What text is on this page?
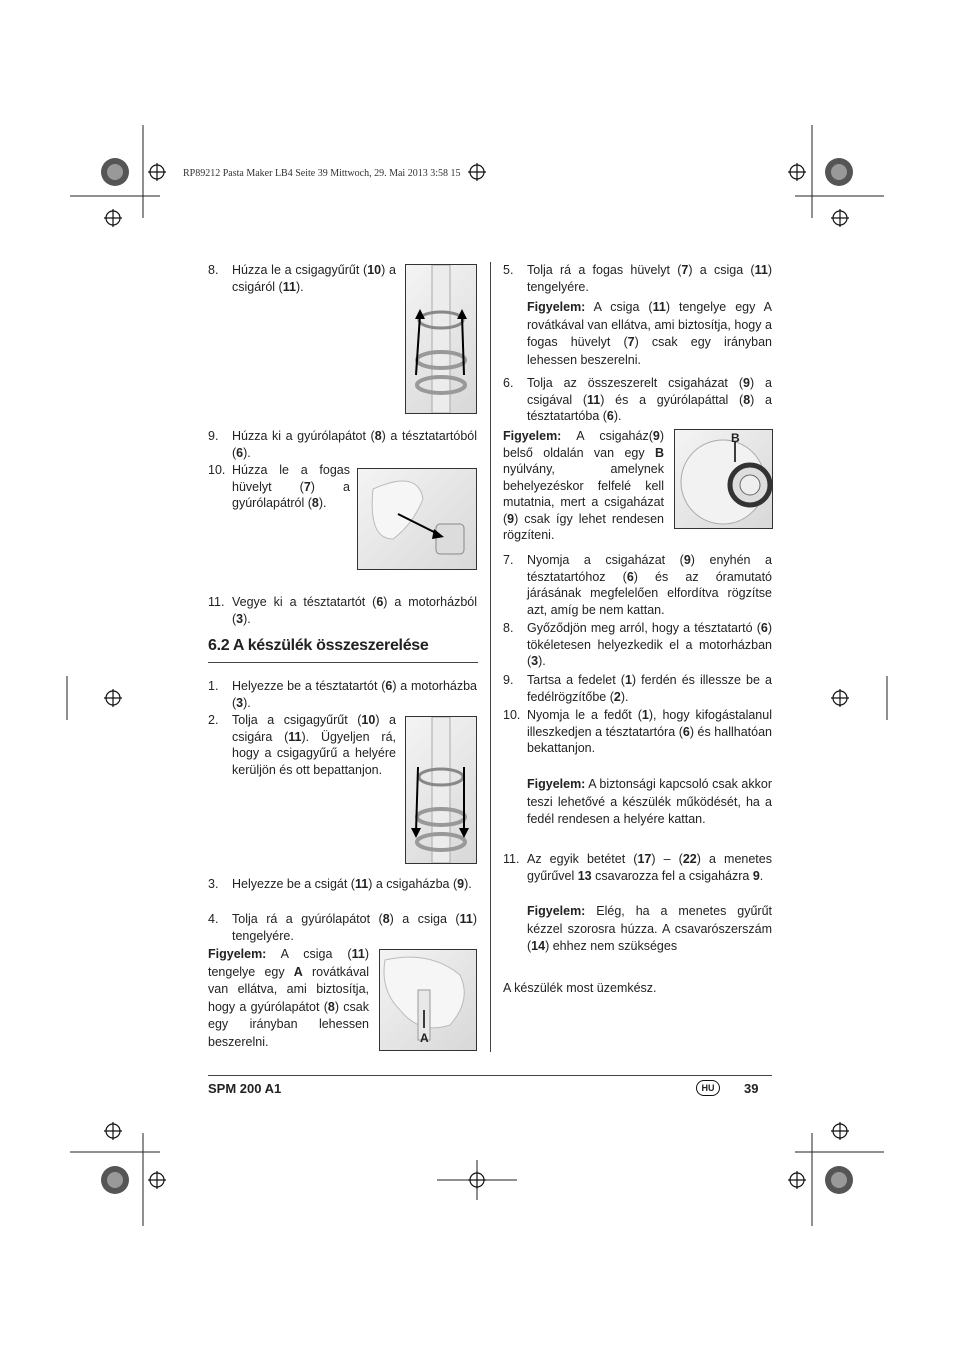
RP89212 Pasta Maker LB4 Seite 39 Mittwoch, 29. Mai 2013 3:58 15
8. Húzza le a csigagyűrűt (10) a csigáról (11).
9. Húzza ki a gyúrólapátot (8) a tésztatartóból (6).
10. Húzza le a fogas hüvelyt (7) a gyúrólapátról (8).
11. Vegye ki a tésztatartót (6) a motorházból (3).
6.2 A készülék összeszerelése
1. Helyezze be a tésztatartót (6) a motorházba (3).
2. Tolja a csigagyűrűt (10) a csigára (11). Ügyeljen rá, hogy a csigagyűrű a helyére kerüljön és ott bepattanjon.
3. Helyezze be a csigát (11) a csigaházba (9).
4. Tolja rá a gyúrólapátot (8) a csiga (11) tengelyére.
Figyelem: A csiga (11) tengelye egy A rovátkával van ellátva, ami biztosítja, hogy a gyúrólapátot (8) csak egy irányban lehessen beszerelni.	A
5. Tolja rá a fogas hüvelyt (7) a csiga (11) tengelyére.
Figyelem: A csiga (11) tengelye egy A rovátkával van ellátva, ami biztosítja, hogy a fogas hüvelyt (7) csak egy irányban lehessen beszerelni.
6. Tolja az összeszerelt csigaházat (9) a csigával (11) és a gyúrólapáttal (8) a tésztatartóba (6).
Figyelem: A csigaház(9) belső oldalán van egy B nyúlvány, amelynek behelyezéskor felfelé kell mutatnia, mert a csigaházat (9) csak így lehet rendesen rögzíteni.
B
7. Nyomja a csigaházat (9) enyhén a tésztatartóhoz (6) és az óramutató járásának megfelelően elfordítva rögzítse azt, amíg be nem kattan.
8. Győződjön meg arról, hogy a tésztatartó (6) tökéletesen helyezkedik el a motorházban (3).
9. Tartsa a fedelet (1) ferdén és illessze be a fedélrögzítőbe (2).
10. Nyomja le a fedőt (1), hogy kifogástalanul illeszkedjen a tésztatartóra (6) és hallhatóan bekattanjon.
Figyelem: A biztonsági kapcsoló csak akkor teszi lehetővé a készülék működését, ha a fedél rendesen a helyére kattan.
11. Az egyik betétet (17) – (22) a menetes gyűrűvel 13 csavarozza fel a csigaházra 9.
Figyelem: Elég, ha a menetes gyűrűt kézzel szorosra húzza. A csavarószerszám (14) ehhez nem szükséges
A készülék most üzemkész.
SPM 200 A1	HU	39
